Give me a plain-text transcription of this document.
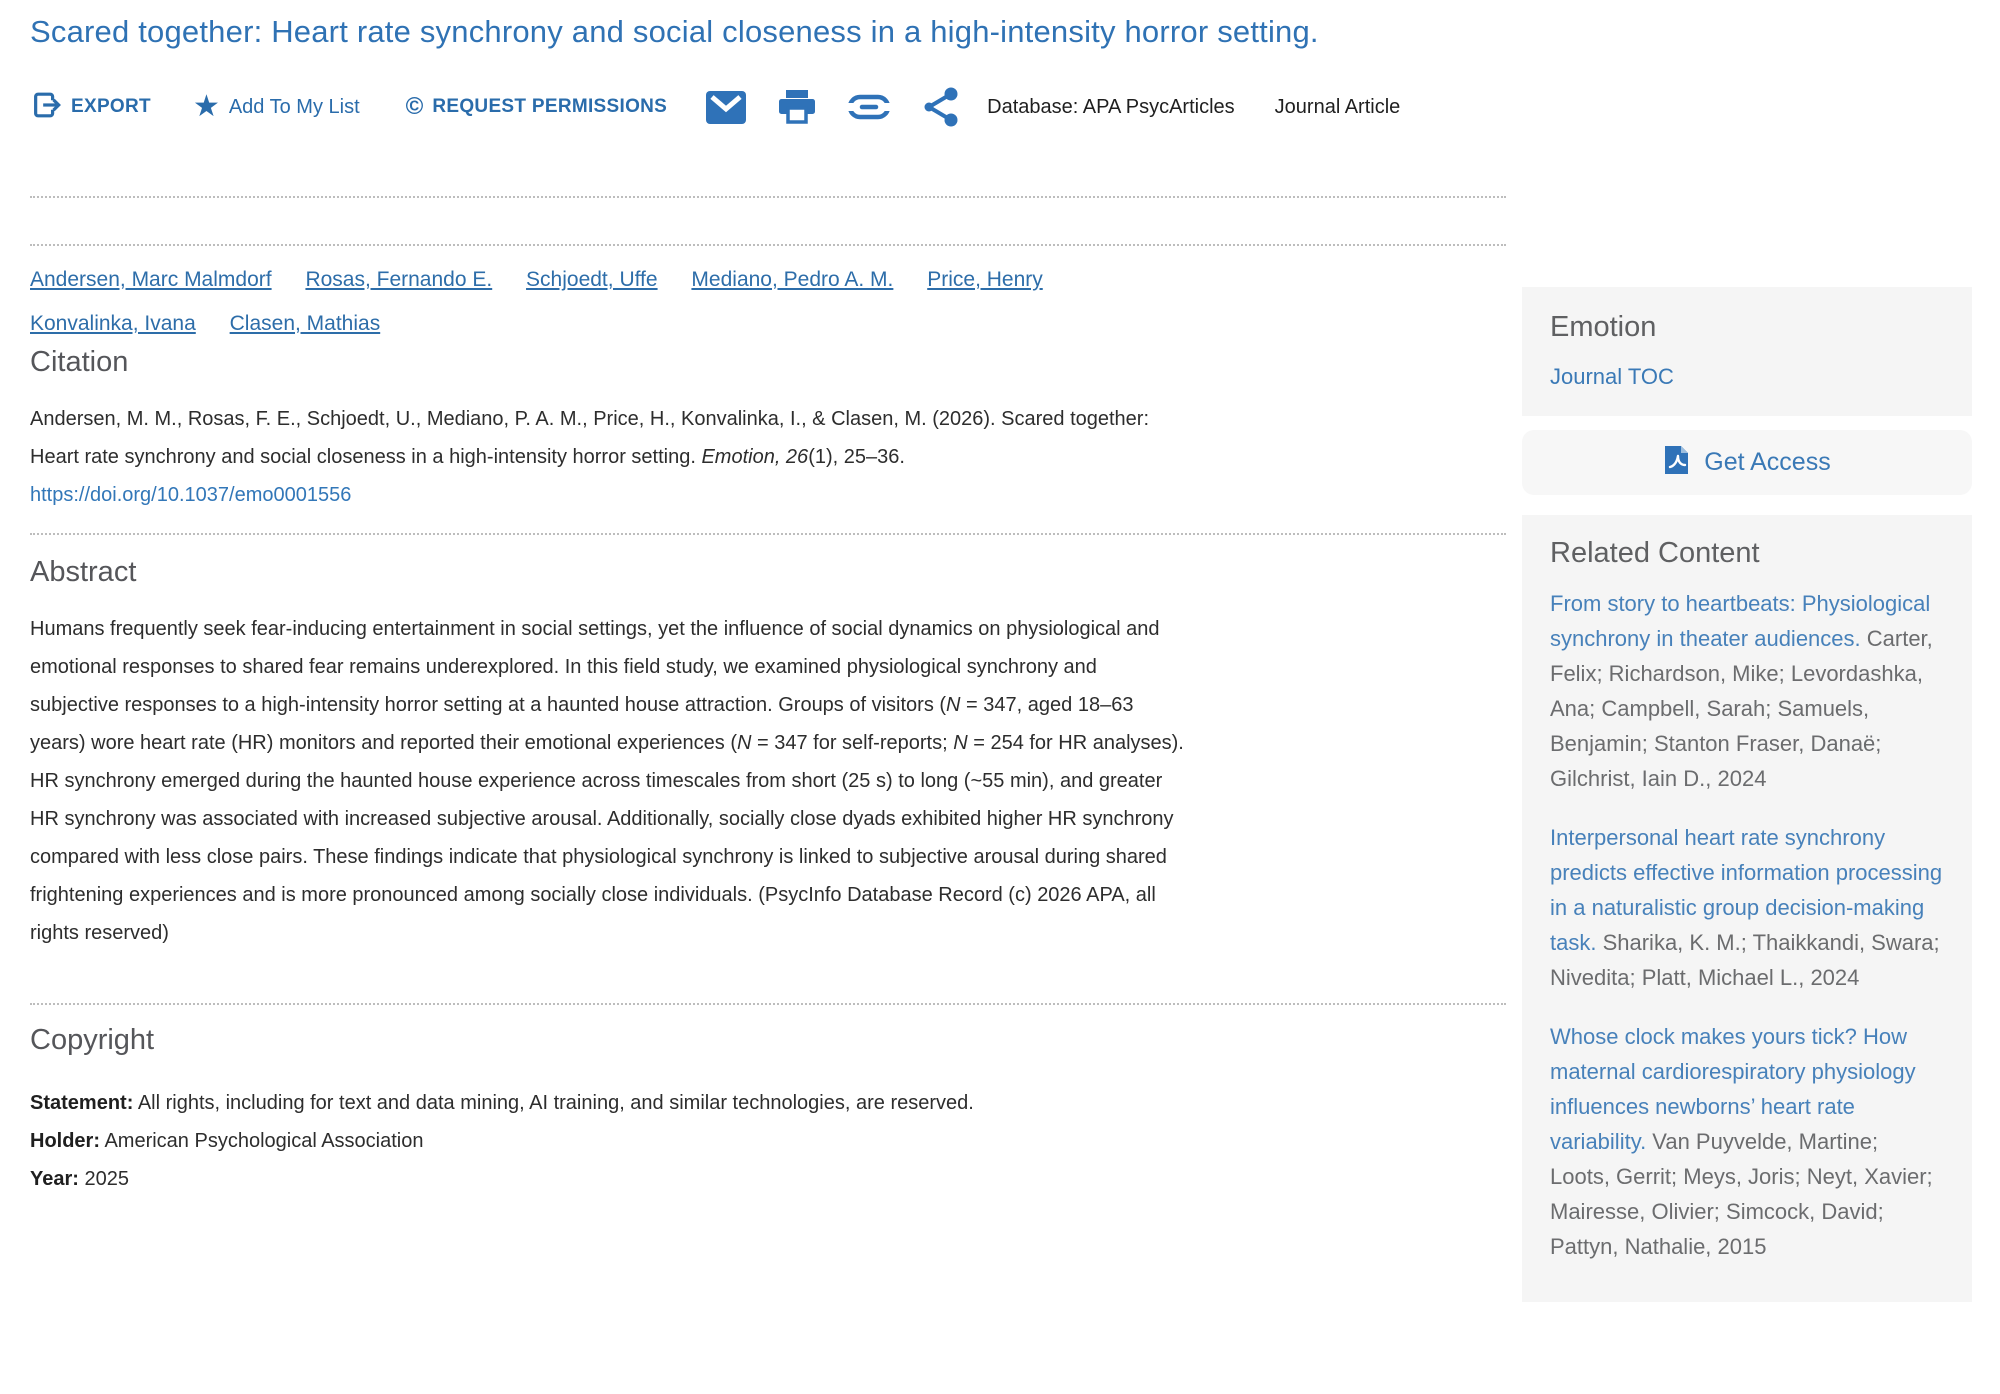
Scared together: Heart rate synchrony and social closeness in a high-intensity horror setting.
EXPORT ★ Add To My List © REQUEST PERMISSIONS	Database: APA PsycArticles Journal Article
Andersen, Marc Malmdorf Rosas, Fernando E. Schjoedt, Uffe Mediano, Pedro A. M. Price, Henry Konvalinka, Ivana Clasen, Mathias
Citation

Andersen, M. M., Rosas, F. E., Schjoedt, U., Mediano, P. A. M., Price, H., Konvalinka, I., & Clasen, M. (2026). Scared together: Heart rate synchrony and social closeness in a high-intensity horror setting. Emotion, 26(1), 25–36. https://doi.org/10.1037/emo0001556

Abstract

Humans frequently seek fear-inducing entertainment in social settings, yet the influence of social dynamics on physiological and emotional responses to shared fear remains underexplored. In this field study, we examined physiological synchrony and subjective responses to a high-intensity horror setting at a haunted house attraction. Groups of visitors (N = 347, aged 18–63 years) wore heart rate (HR) monitors and reported their emotional experiences (N = 347 for self-reports; N = 254 for HR analyses). HR synchrony emerged during the haunted house experience across timescales from short (25 s) to long (~55 min), and greater HR synchrony was associated with increased subjective arousal. Additionally, socially close dyads exhibited higher HR synchrony compared with less close pairs. These findings indicate that physiological synchrony is linked to subjective arousal during shared frightening experiences and is more pronounced among socially close individuals. (PsycInfo Database Record (c) 2026 APA, all rights reserved)

Copyright
Statement: All rights, including for text and data mining, AI training, and similar technologies, are reserved.
Holder: American Psychological Association
Year: 2025
Emotion
Journal TOC
Get Access
Related Content

From story to heartbeats: Physiological synchrony in theater audiences. Carter, Felix; Richardson, Mike; Levordashka, Ana; Campbell, Sarah; Samuels, Benjamin; Stanton Fraser, Danaë; Gilchrist, Iain D., 2024

Interpersonal heart rate synchrony predicts effective information processing in a naturalistic group decision-making task. Sharika, K. M.; Thaikkandi, Swara; Nivedita; Platt, Michael L., 2024

Whose clock makes yours tick? How maternal cardiorespiratory physiology influences newborns’ heart rate variability. Van Puyvelde, Martine; Loots, Gerrit; Meys, Joris; Neyt, Xavier; Mairesse, Olivier; Simcock, David; Pattyn, Nathalie, 2015
